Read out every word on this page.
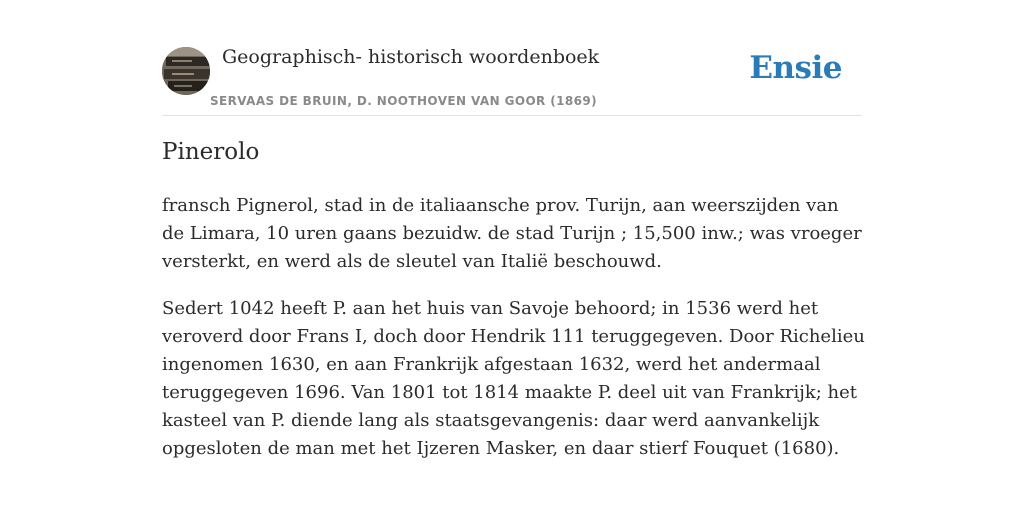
Geographisch- historisch woordenboek
SERVAAS DE BRUIN, D. NOOTHOVEN VAN GOOR (1869)
Ensie
Pinerolo

fransch Pignerol, stad in de italiaansche prov. Turijn, aan weerszijden van de Limara, 10 uren gaans bezuidw. de stad Turijn ; 15,500 inw.; was vroeger versterkt, en werd als de sleutel van Italië beschouwd.

Sedert 1042 heeft P. aan het huis van Savoje behoord; in 1536 werd het veroverd door Frans I, doch door Hendrik 111 teruggegeven. Door Richelieu ingenomen 1630, en aan Frankrijk afgestaan 1632, werd het andermaal teruggegeven 1696. Van 1801 tot 1814 maakte P. deel uit van Frankrijk; het kasteel van P. diende lang als staatsgevangenis: daar werd aanvankelijk opgesloten de man met het Ijzeren Masker, en daar stierf Fouquet (1680).
